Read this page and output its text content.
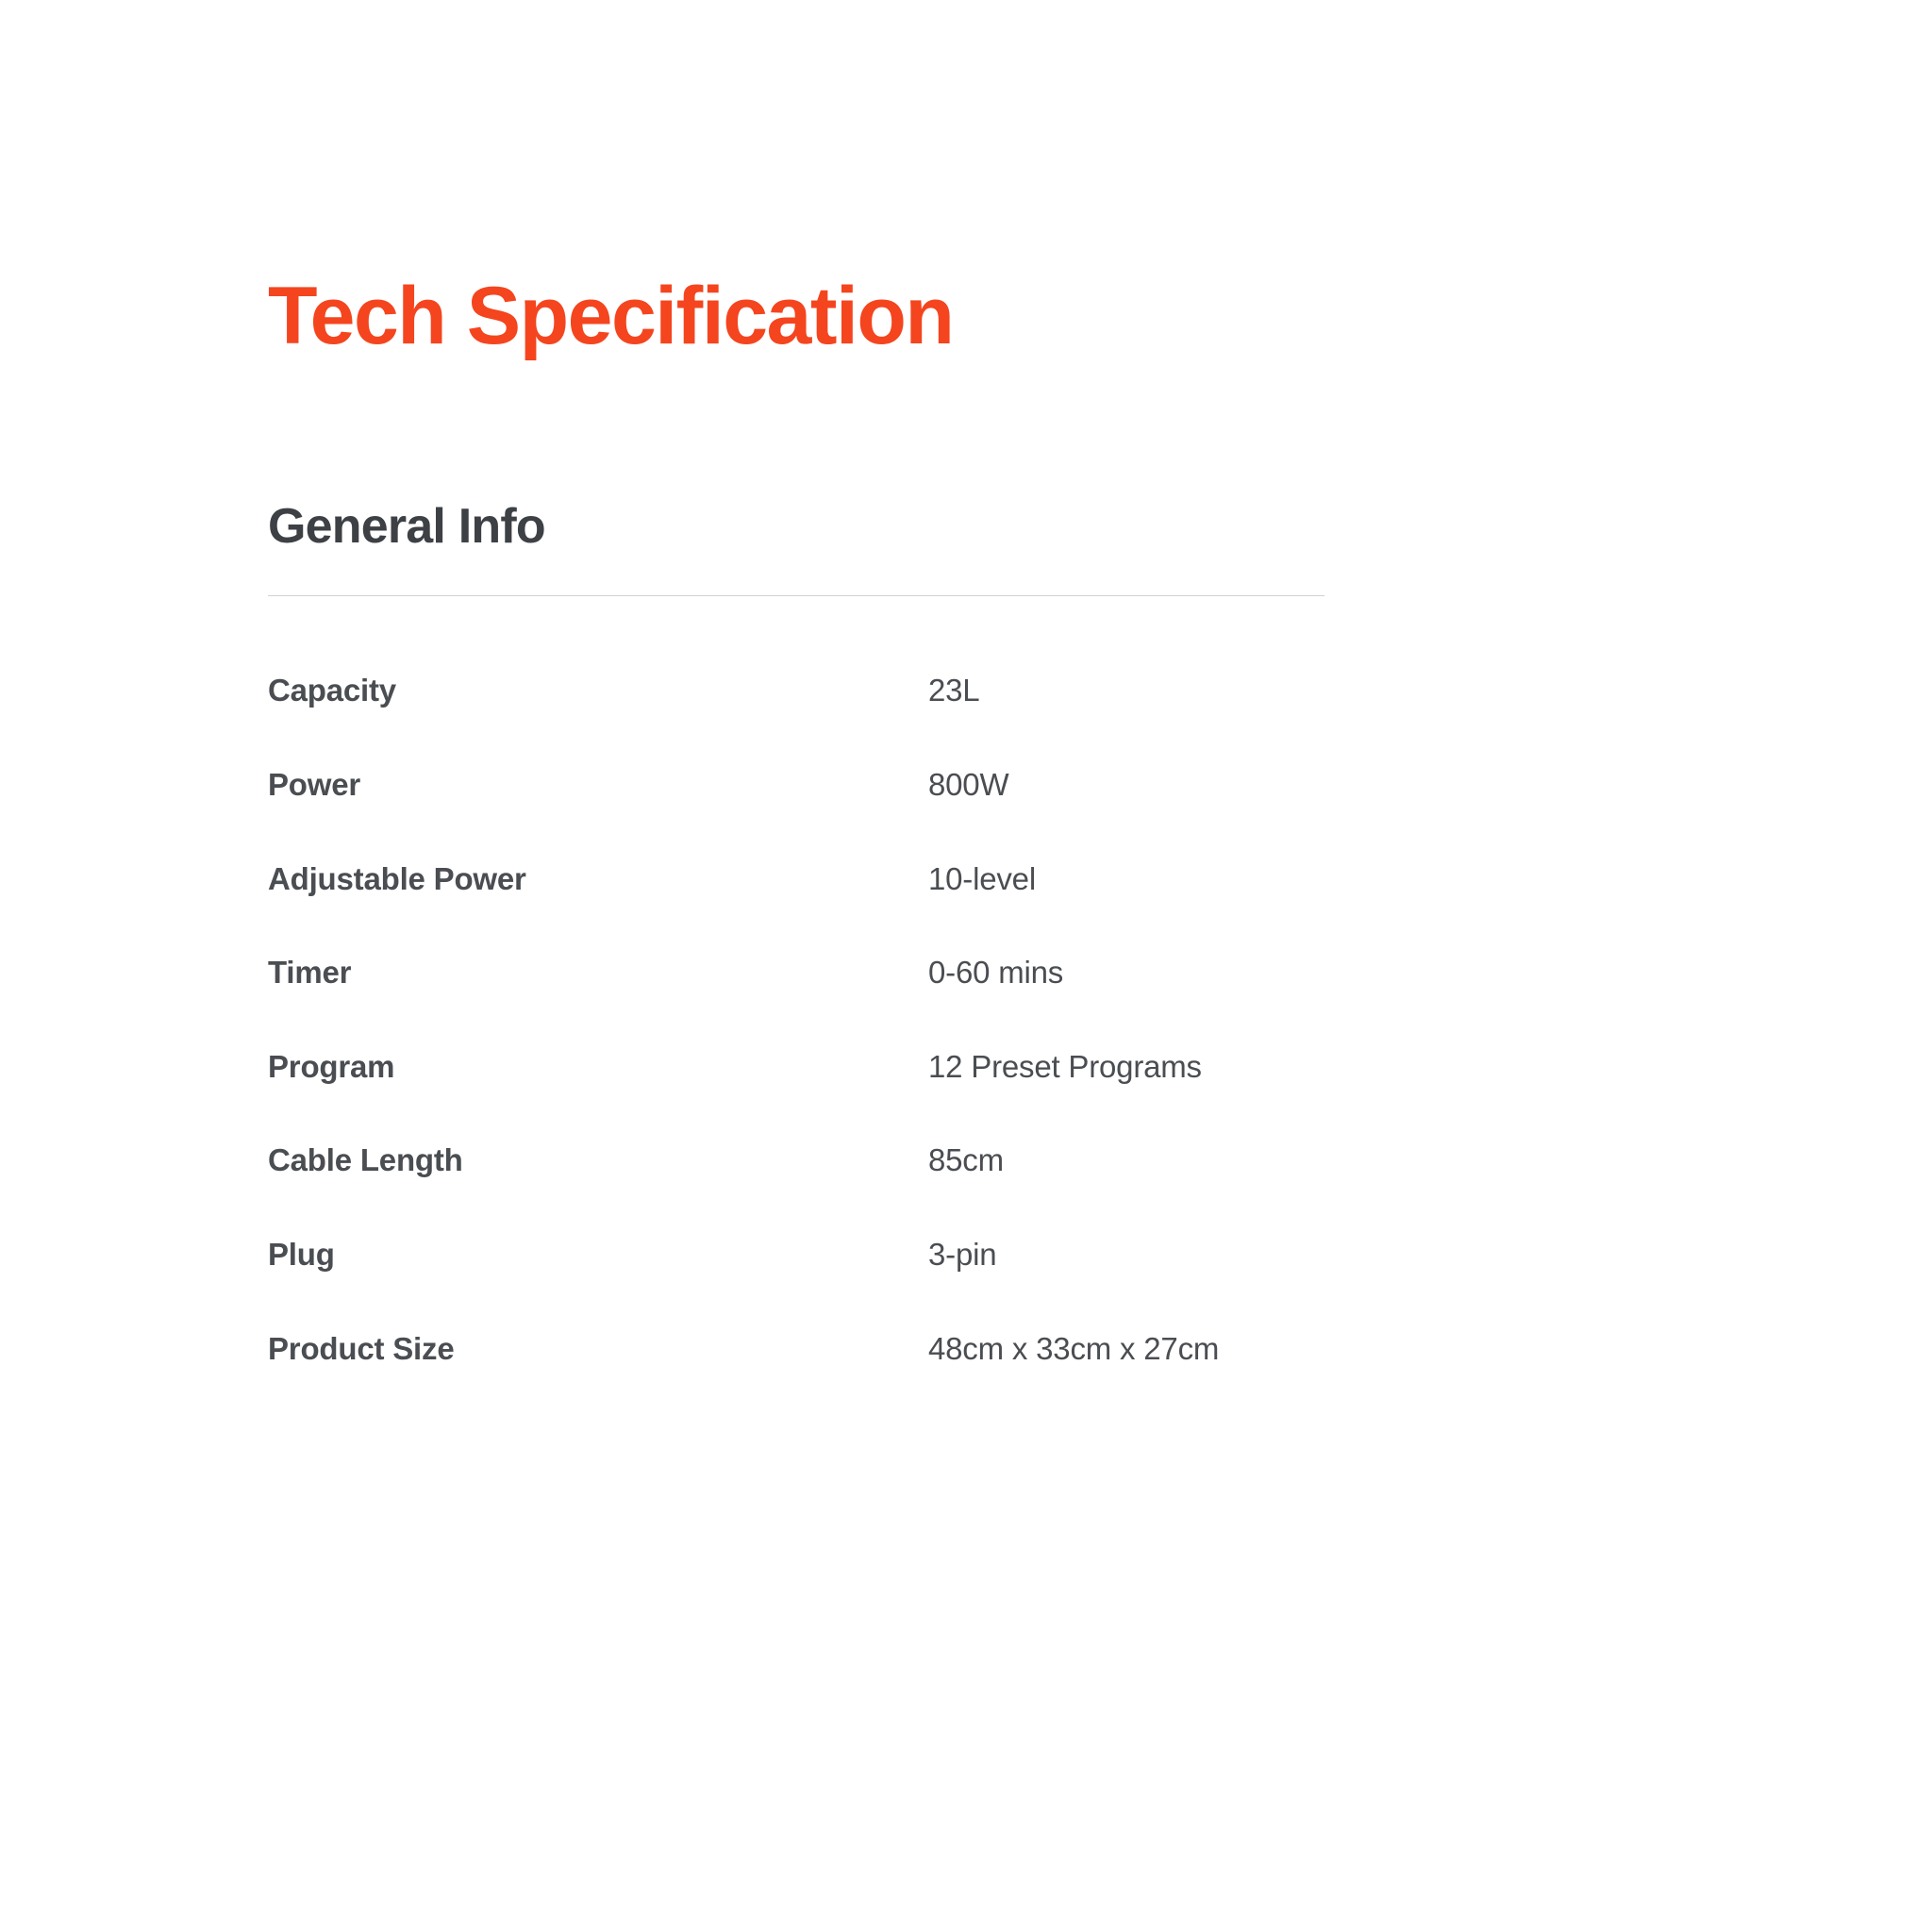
Tech Specification
General Info
Capacity	23L
Power	800W
Adjustable Power	10-level
Timer	0-60 mins
Program	12 Preset Programs
Cable Length	85cm
Plug	3-pin
Product Size	48cm x 33cm x 27cm
